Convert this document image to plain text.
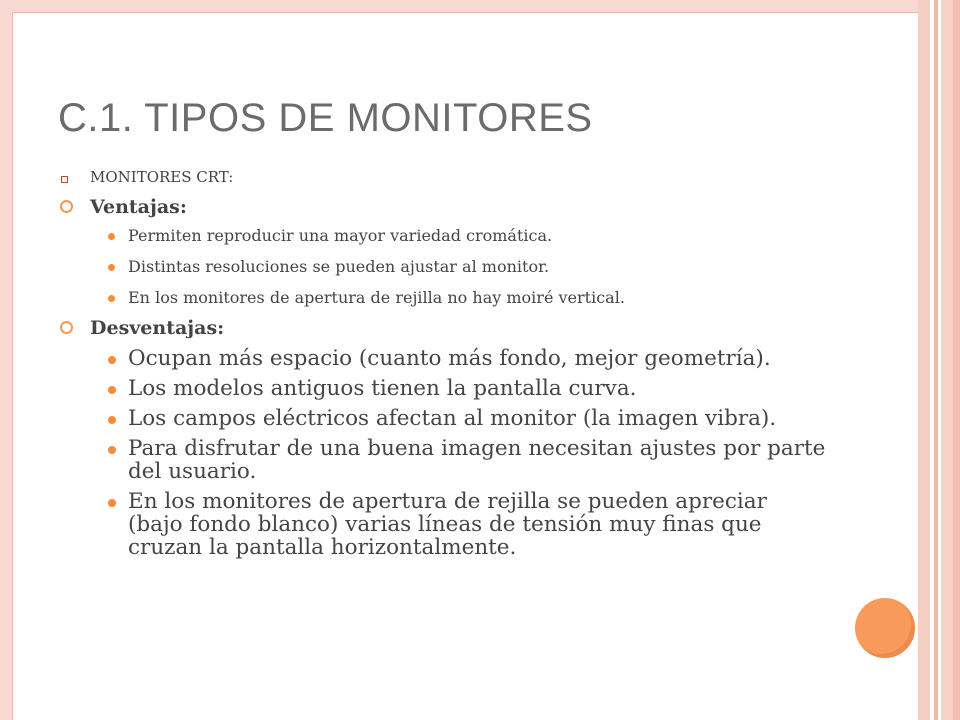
C.1. TIPOS DE MONITORES
MONITORES CRT:
Ventajas:
Permiten reproducir una mayor variedad cromática.
Distintas resoluciones se pueden ajustar al monitor.
En los monitores de apertura de rejilla no hay moiré vertical.
Desventajas:
Ocupan más espacio (cuanto más fondo, mejor geometría).
Los modelos antiguos tienen la pantalla curva.
Los campos eléctricos afectan al monitor (la imagen vibra).
Para disfrutar de una buena imagen necesitan ajustes por parte del usuario.
En los monitores de apertura de rejilla se pueden apreciar (bajo fondo blanco) varias líneas de tensión muy finas que cruzan la pantalla horizontalmente.
